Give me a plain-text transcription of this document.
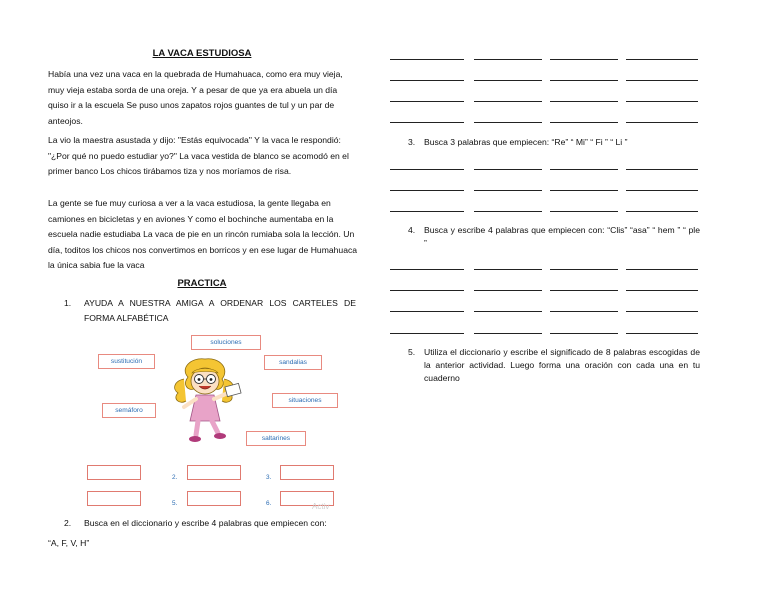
LA VACA ESTUDIOSA
Había una vez una vaca en la quebrada de Humahuaca, como era muy vieja, muy vieja estaba sorda de una oreja. Y a pesar de que ya era abuela un día quiso ir a la escuela Se puso unos zapatos rojos guantes de tul y un par de anteojos.
La vio la maestra asustada y dijo: "Estás equivocada" Y la vaca le respondió: "¿Por qué no puedo estudiar yo?" La vaca vestida de blanco se acomodó en el primer banco Los chicos tirábamos tiza y nos moríamos de risa.
La gente se fue muy curiosa a ver a la vaca estudiosa, la gente llegaba en camiones en bicicletas y en aviones Y como el bochinche aumentaba en la escuela nadie estudiaba La vaca de pie en un rincón rumiaba sola la lección. Un día, toditos los chicos nos convertimos en borricos y en ese lugar de Humahuaca la única sabia fue la vaca
PRACTICA
1. AYUDA A NUESTRA AMIGA A ORDENAR LOS CARTELES DE FORMA ALFABÉTICA
soluciones
sustitución	sandalias
situaciones
semáforo
saltarines
2.	3.
5.	6.	Activ
2. Busca en el diccionario y escribe 4 palabras que empiecen con:
“A, F, V, H”
3. Busca 3 palabras que empiecen: “Re” “ Mi” “ Fi ” “ Li ”
4. Busca y escribe 4 palabras que empiecen con: “Clis” “asa” “ hem ” “ ple ”
5. Utiliza el diccionario y escribe el significado de 8 palabras escogidas de la anterior actividad. Luego forma una oración con cada una en tu cuaderno
